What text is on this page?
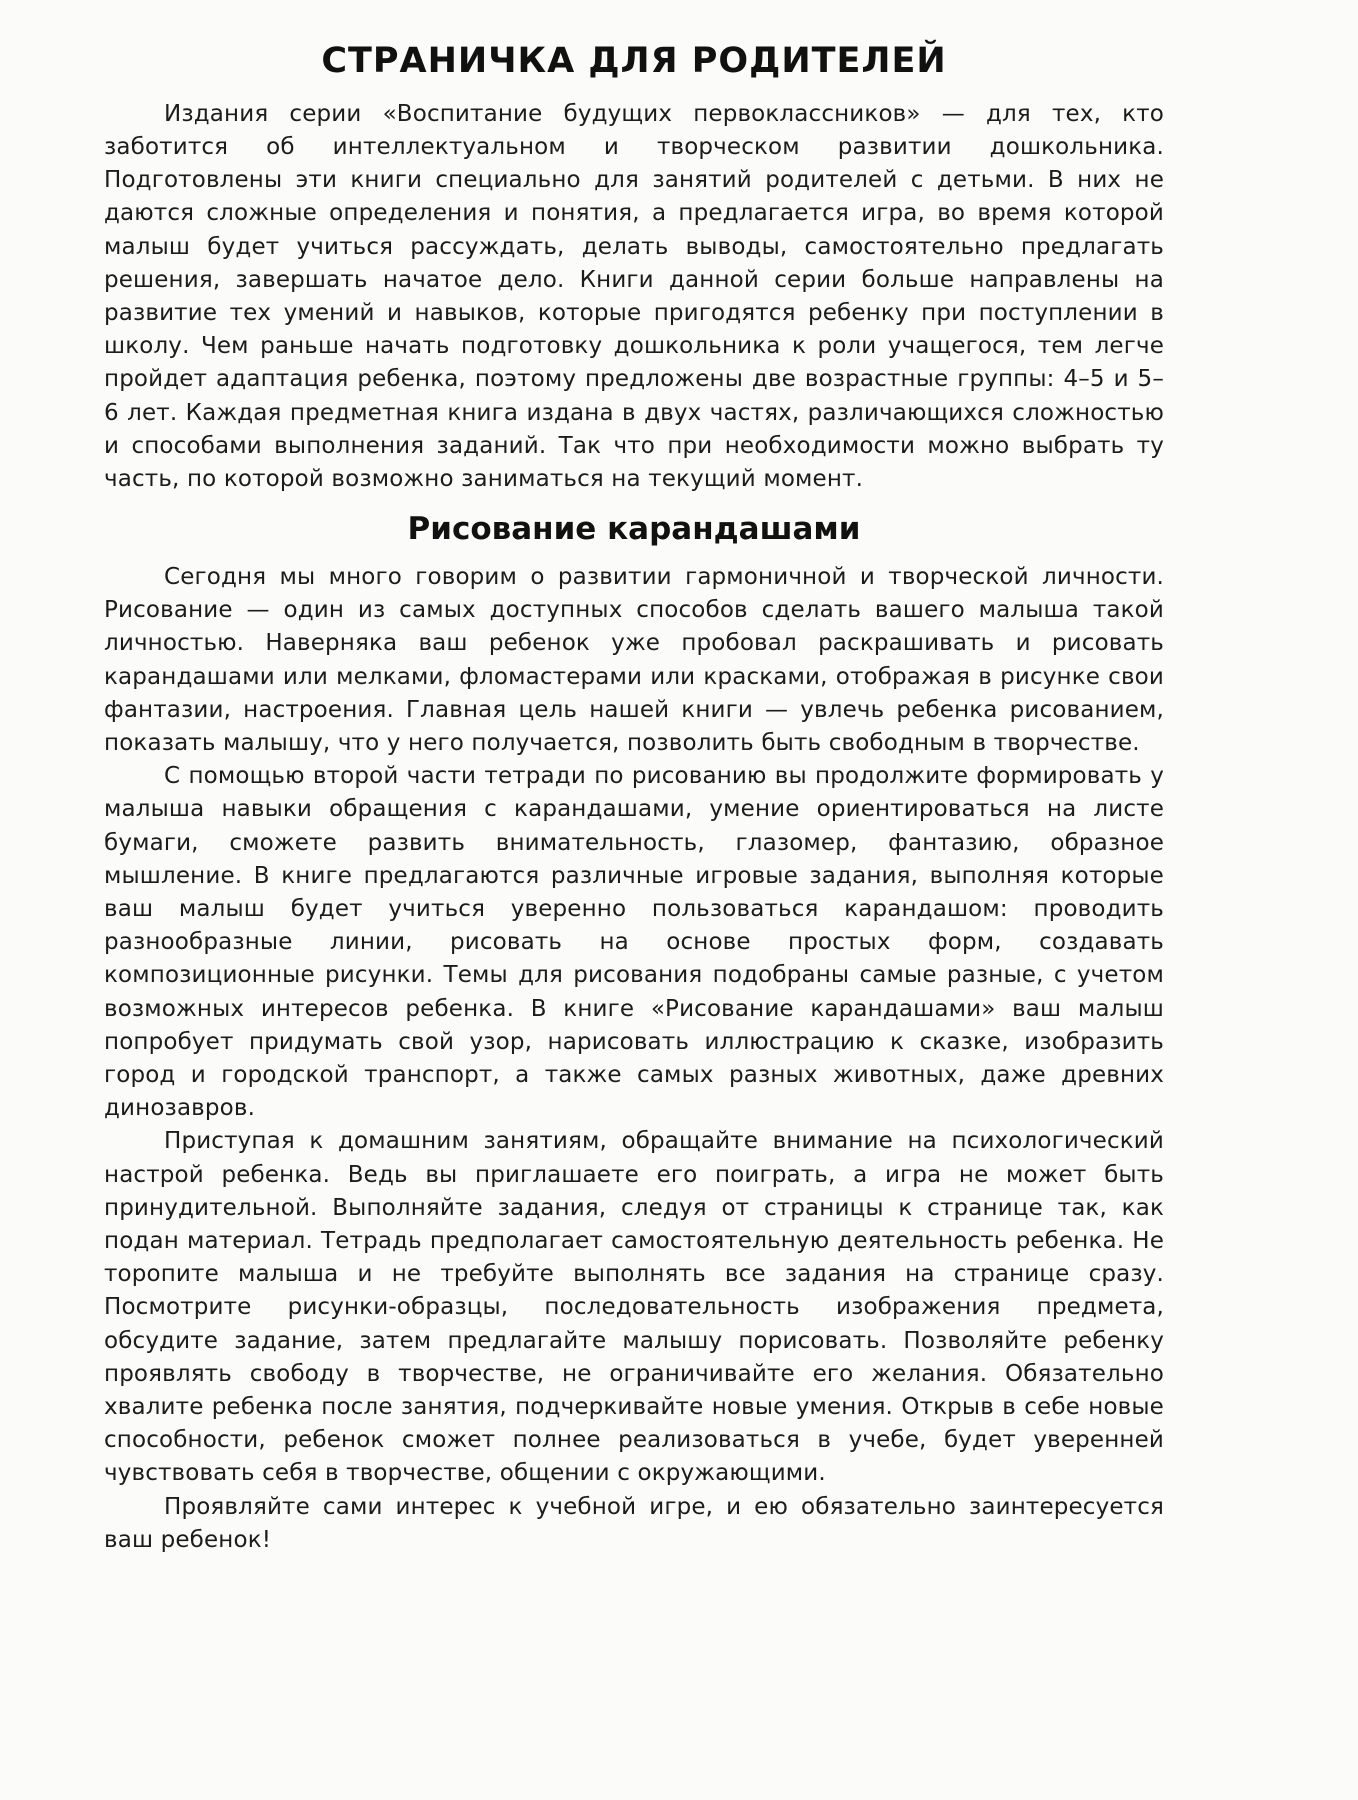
СТРАНИЧКА ДЛЯ РОДИТЕЛЕЙ

Издания серии «Воспитание будущих первоклассников» — для тех, кто заботится об интеллектуальном и творческом развитии дошкольника. Подготовлены эти книги специально для занятий родителей с детьми. В них не даются сложные определения и понятия, а предлагается игра, во время которой малыш будет учиться рассуждать, делать выводы, самостоятельно предлагать решения, завершать начатое дело. Книги данной серии больше направлены на развитие тех умений и навыков, которые пригодятся ребенку при поступлении в школу. Чем раньше начать подготовку дошкольника к роли учащегося, тем легче пройдет адаптация ребенка, поэтому предложены две возрастные группы: 4–5 и 5–6 лет. Каждая предметная книга издана в двух частях, различающихся сложностью и способами выполнения заданий. Так что при необходимости можно выбрать ту часть, по которой возможно заниматься на текущий момент.

Рисование карандашами

Сегодня мы много говорим о развитии гармоничной и творческой личности. Рисование — один из самых доступных способов сделать вашего малыша такой личностью. Наверняка ваш ребенок уже пробовал раскрашивать и рисовать карандашами или мелками, фломастерами или красками, отображая в рисунке свои фантазии, настроения. Главная цель нашей книги — увлечь ребенка рисованием, показать малышу, что у него получается, позволить быть свободным в творчестве.

С помощью второй части тетради по рисованию вы продолжите формировать у малыша навыки обращения с карандашами, умение ориентироваться на листе бумаги, сможете развить внимательность, глазомер, фантазию, образное мышление. В книге предлагаются различные игровые задания, выполняя которые ваш малыш будет учиться уверенно пользоваться карандашом: проводить разнообразные линии, рисовать на основе простых форм, создавать композиционные рисунки. Темы для рисования подобраны самые разные, с учетом возможных интересов ребенка. В книге «Рисование карандашами» ваш малыш попробует придумать свой узор, нарисовать иллюстрацию к сказке, изобразить город и городской транспорт, а также самых разных животных, даже древних динозавров.

Приступая к домашним занятиям, обращайте внимание на психологический настрой ребенка. Ведь вы приглашаете его поиграть, а игра не может быть принудительной. Выполняйте задания, следуя от страницы к странице так, как подан материал. Тетрадь предполагает самостоятельную деятельность ребенка. Не торопите малыша и не требуйте выполнять все задания на странице сразу. Посмотрите рисунки-образцы, последовательность изображения предмета, обсудите задание, затем предлагайте малышу порисовать. Позволяйте ребенку проявлять свободу в творчестве, не ограничивайте его желания. Обязательно хвалите ребенка после занятия, подчеркивайте новые умения. Открыв в себе новые способности, ребенок сможет полнее реализоваться в учебе, будет уверенней чувствовать себя в творчестве, общении с окружающими.

Проявляйте сами интерес к учебной игре, и ею обязательно заинтересуется ваш ребенок!
